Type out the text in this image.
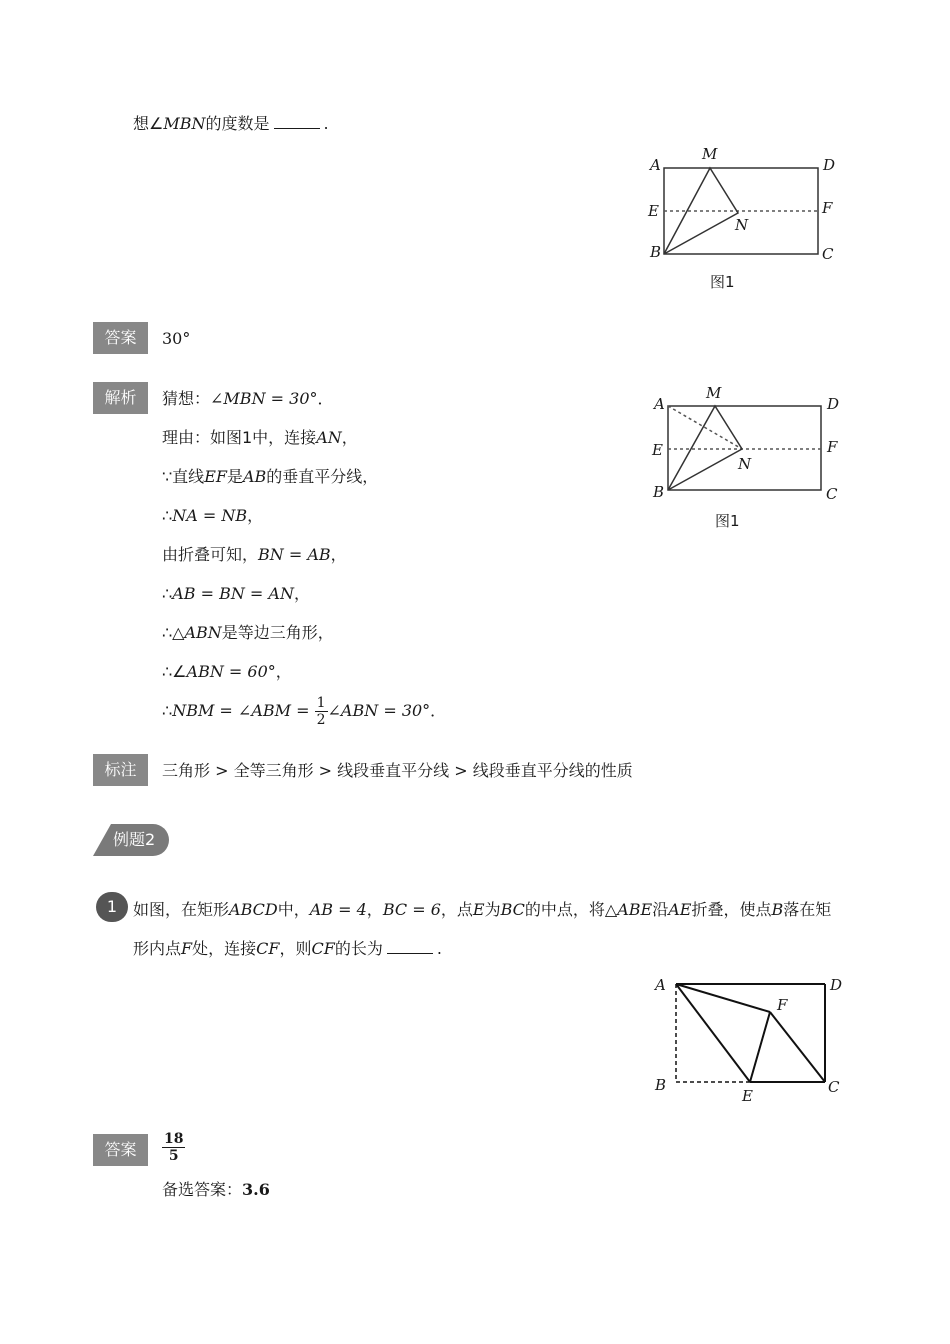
想∠MBN的度数是	.
A
M
D
E	F
N
B	C
图1
答案	30°
解析	猜想：∠MBN = 30°．
理由：如图1中，连接AN，
∵直线EF是AB的垂直平分线，
∴NA = NB，
由折叠可知，BN = AB，
∴AB = BN = AN，
∴△ABN是等边三角形，
∴∠ABN = 60°，
∴NBM = ∠ABM = $\frac{1}{2}$ ∠ABN = 30°．
A
M
D
E	F
N
B	C
图1
标注	三角形 > 全等三角形 > 线段垂直平分线 > 线段垂直平分线的性质
例题2
1 如图，在矩形ABCD中，AB = 4，BC = 6，点E为BC的中点，将△ABE沿AE折叠，使点B落在矩
形内点F处，连接CF，则CF的长为	.
A	D
F
B
E	C
答案	$\frac{18}{5}$
备选答案：3.6
